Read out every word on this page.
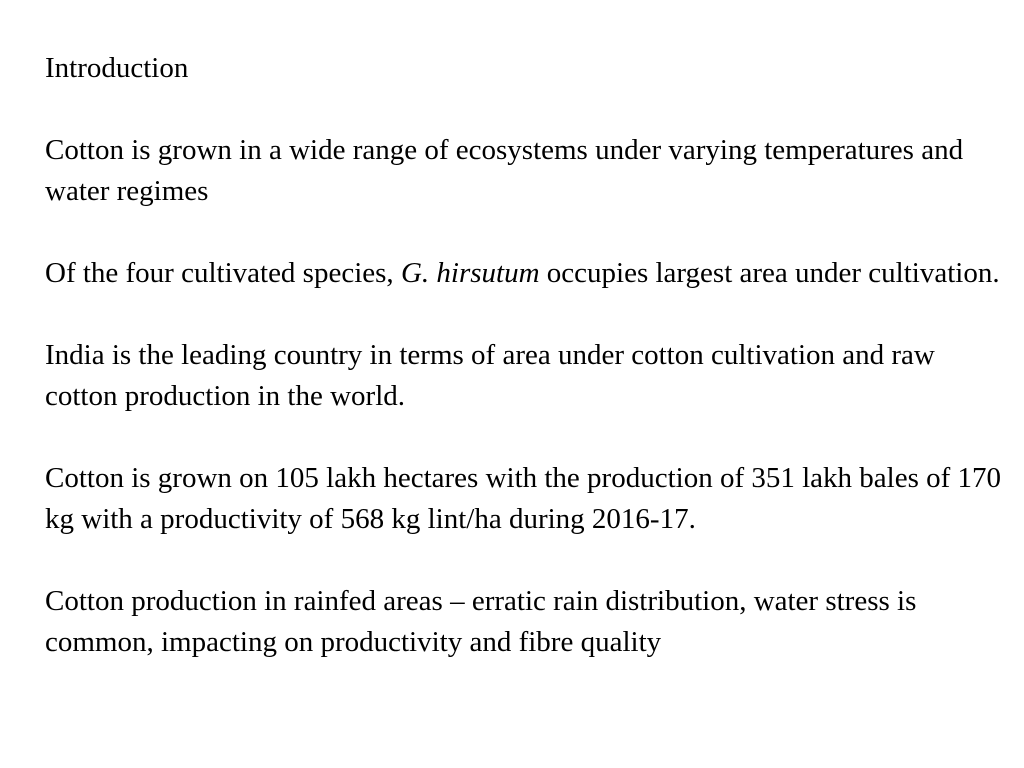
Introduction

Cotton is grown in a wide range of ecosystems under varying temperatures and water regimes

Of the four cultivated species, G. hirsutum occupies largest area under cultivation.

India is the leading country in terms of area under cotton cultivation and raw cotton production in the world.

Cotton is grown on 105 lakh hectares with the production of 351 lakh bales of 170 kg with a productivity of 568 kg lint/ha during 2016-17.

Cotton production in rainfed areas – erratic rain distribution, water stress is common, impacting on productivity and fibre quality
